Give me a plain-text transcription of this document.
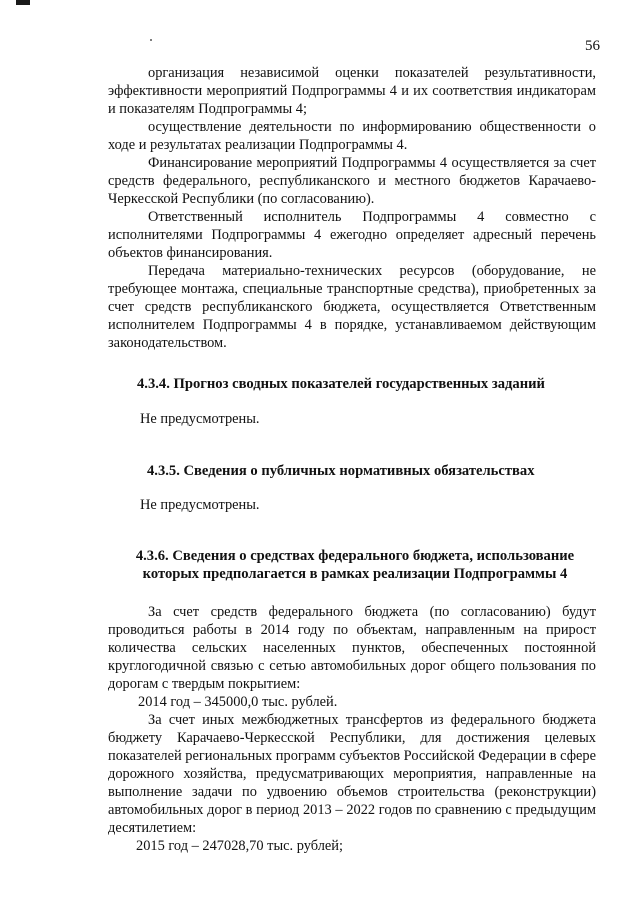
56

организация независимой оценки показателей результативности, эффективности мероприятий Подпрограммы 4 и их соответствия индикаторам и показателям Подпрограммы 4;

осуществление деятельности по информированию общественности о ходе и результатах реализации Подпрограммы 4.

Финансирование мероприятий Подпрограммы 4 осуществляется за счет средств федерального, республиканского и местного бюджетов Карачаево-Черкесской Республики (по согласованию).

Ответственный исполнитель Подпрограммы 4 совместно с исполнителями Подпрограммы 4 ежегодно определяет адресный перечень объектов финансирования.

Передача материально-технических ресурсов (оборудование, не требующее монтажа, специальные транспортные средства), приобретенных за счет средств республиканского бюджета, осуществляется Ответственным исполнителем Подпрограммы 4 в порядке, устанавливаемом действующим законодательством.

4.3.4. Прогноз сводных показателей государственных заданий
Не предусмотрены.
4.3.5. Сведения о публичных нормативных обязательствах
Не предусмотрены.
4.3.6. Сведения о средствах федерального бюджета, использование
которых предполагается в рамках реализации Подпрограммы 4

За счет средств федерального бюджета (по согласованию) будут проводиться работы в 2014 году по объектам, направленным на прирост количества сельских населенных пунктов, обеспеченных постоянной круглогодичной связью с сетью автомобильных дорог общего пользования по дорогам с твердым покрытием:

2014 год – 345000,0 тыс. рублей.

За счет иных межбюджетных трансфертов из федерального бюджета бюджету Карачаево-Черкесской Республики, для достижения целевых показателей региональных программ субъектов Российской Федерации в сфере дорожного хозяйства, предусматривающих мероприятия, направленные на выполнение задачи по удвоению объемов строительства (реконструкции) автомобильных дорог в период 2013 – 2022 годов по сравнению с предыдущим десятилетием:

2015 год – 247028,70 тыс. рублей;
